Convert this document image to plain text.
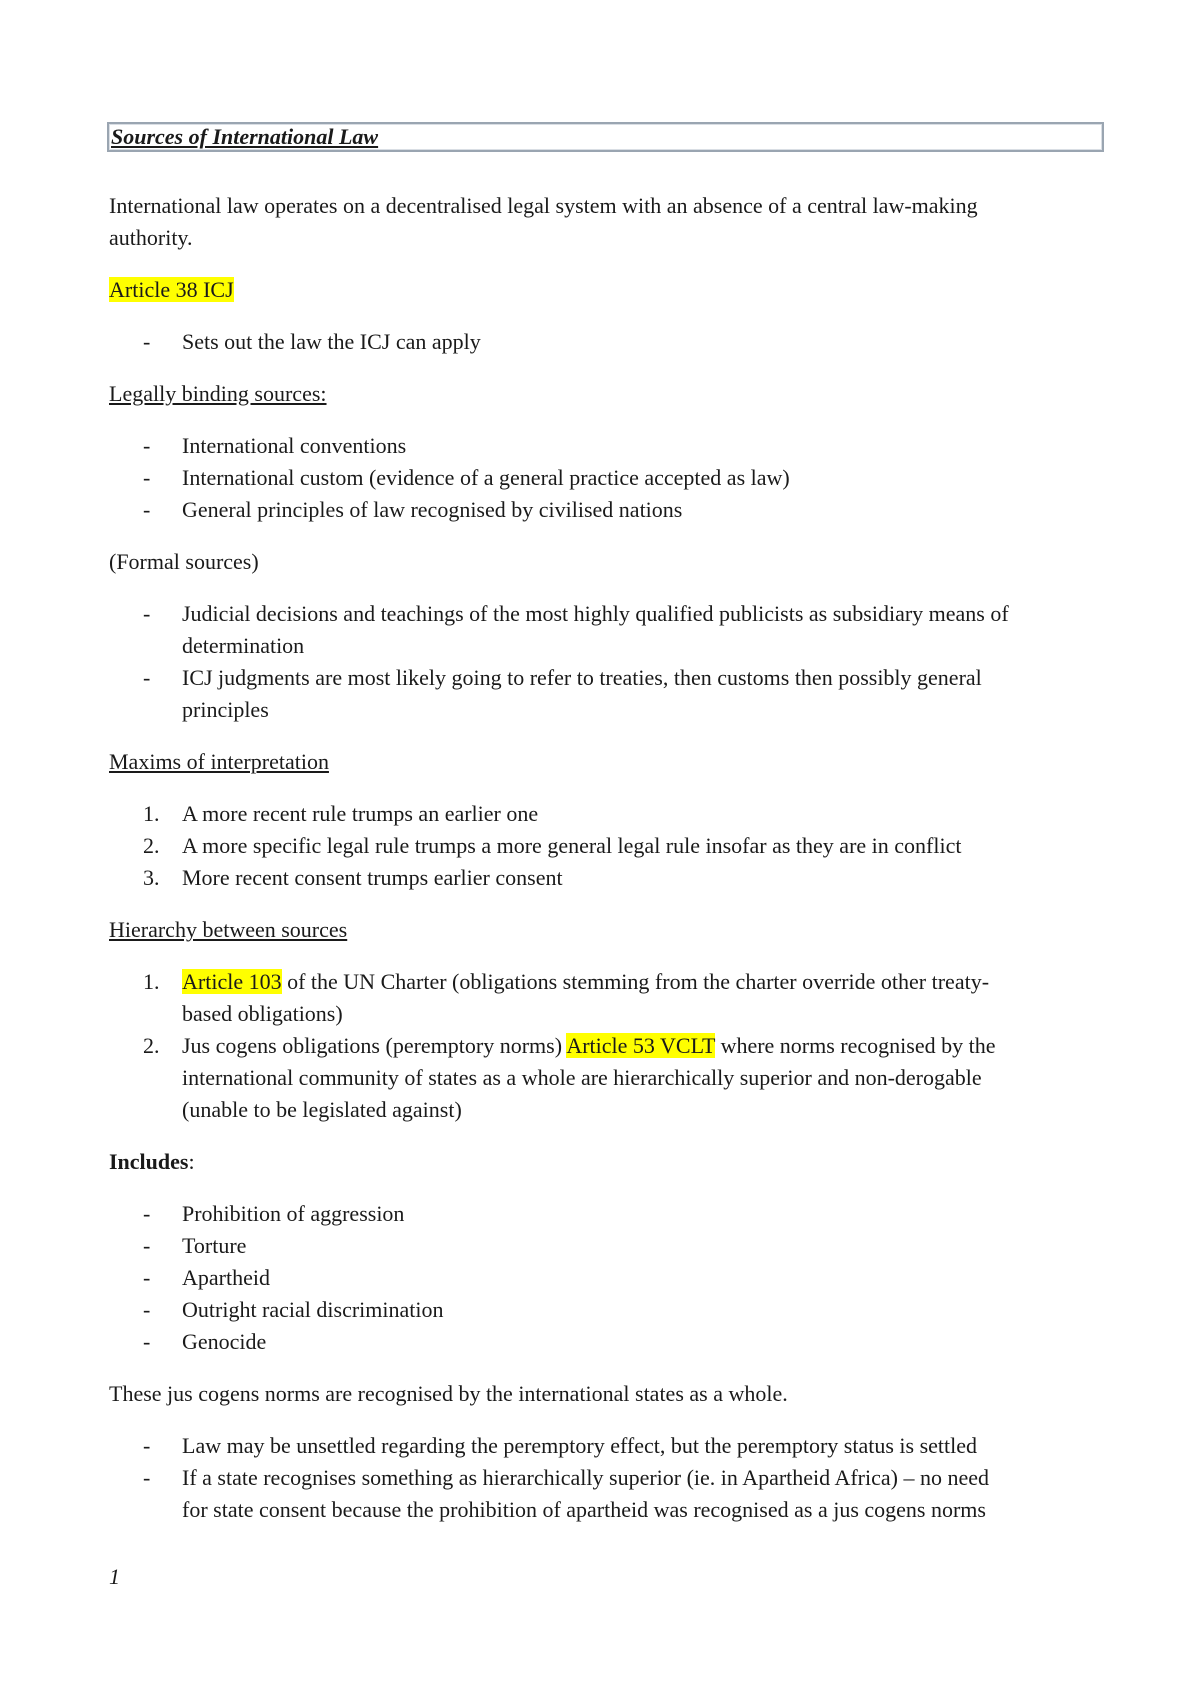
Sources of International Law

International law operates on a decentralised legal system with an absence of a central law-making

authority.

Article 38 ICJ

- Sets out the law the ICJ can apply

Legally binding sources:

- International conventions
- International custom (evidence of a general practice accepted as law)
- General principles of law recognised by civilised nations

(Formal sources)

- Judicial decisions and teachings of the most highly qualified publicists as subsidiary means of
determination
- ICJ judgments are most likely going to refer to treaties, then customs then possibly general
principles

Maxims of interpretation

1. A more recent rule trumps an earlier one
2. A more specific legal rule trumps a more general legal rule insofar as they are in conflict
3. More recent consent trumps earlier consent

Hierarchy between sources

1. Article 103 of the UN Charter (obligations stemming from the charter override other treaty-
based obligations)
2. Jus cogens obligations (peremptory norms) Article 53 VCLT where norms recognised by the
international community of states as a whole are hierarchically superior and non-derogable
(unable to be legislated against)

Includes:

- Prohibition of aggression
- Torture
- Apartheid
- Outright racial discrimination
- Genocide

These jus cogens norms are recognised by the international states as a whole.

- Law may be unsettled regarding the peremptory effect, but the peremptory status is settled
- If a state recognises something as hierarchically superior (ie. in Apartheid Africa) – no need
for state consent because the prohibition of apartheid was recognised as a jus cogens norms
1
